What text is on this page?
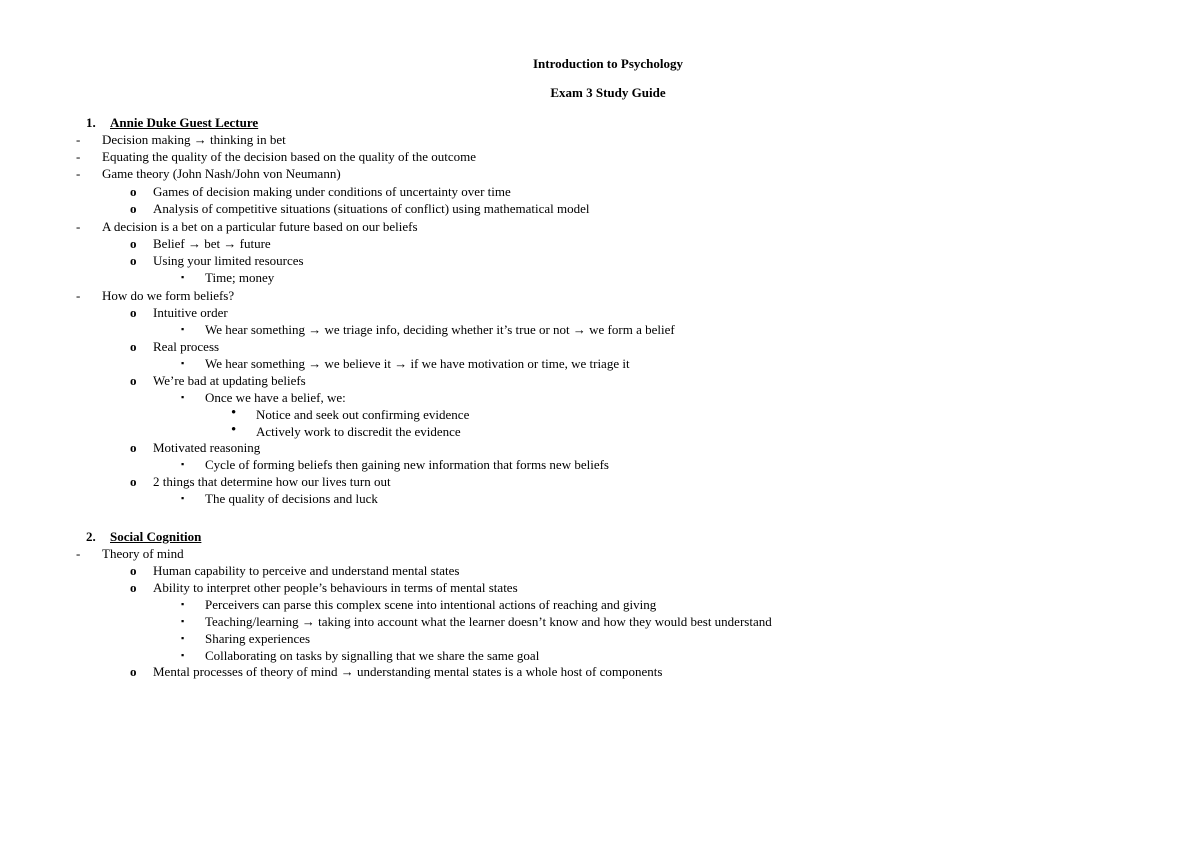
Introduction to Psychology
Exam 3 Study Guide
1. Annie Duke Guest Lecture
- Decision making → thinking in bet
- Equating the quality of the decision based on the quality of the outcome
- Game theory (John Nash/John von Neumann)
o Games of decision making under conditions of uncertainty over time
o Analysis of competitive situations (situations of conflict) using mathematical model
- A decision is a bet on a particular future based on our beliefs
o Belief → bet → future
o Using your limited resources
▪ Time; money
- How do we form beliefs?
o Intuitive order
▪ We hear something → we triage info, deciding whether it’s true or not → we form a belief
o Real process
▪ We hear something → we believe it → if we have motivation or time, we triage it
o We’re bad at updating beliefs
▪ Once we have a belief, we:
• Notice and seek out confirming evidence
• Actively work to discredit the evidence
o Motivated reasoning
▪ Cycle of forming beliefs then gaining new information that forms new beliefs
o 2 things that determine how our lives turn out
▪ The quality of decisions and luck
2. Social Cognition
- Theory of mind
o Human capability to perceive and understand mental states
o Ability to interpret other people’s behaviours in terms of mental states
▪ Perceivers can parse this complex scene into intentional actions of reaching and giving
▪ Teaching/learning → taking into account what the learner doesn’t know and how they would best understand
▪ Sharing experiences
▪ Collaborating on tasks by signalling that we share the same goal
o Mental processes of theory of mind → understanding mental states is a whole host of components
